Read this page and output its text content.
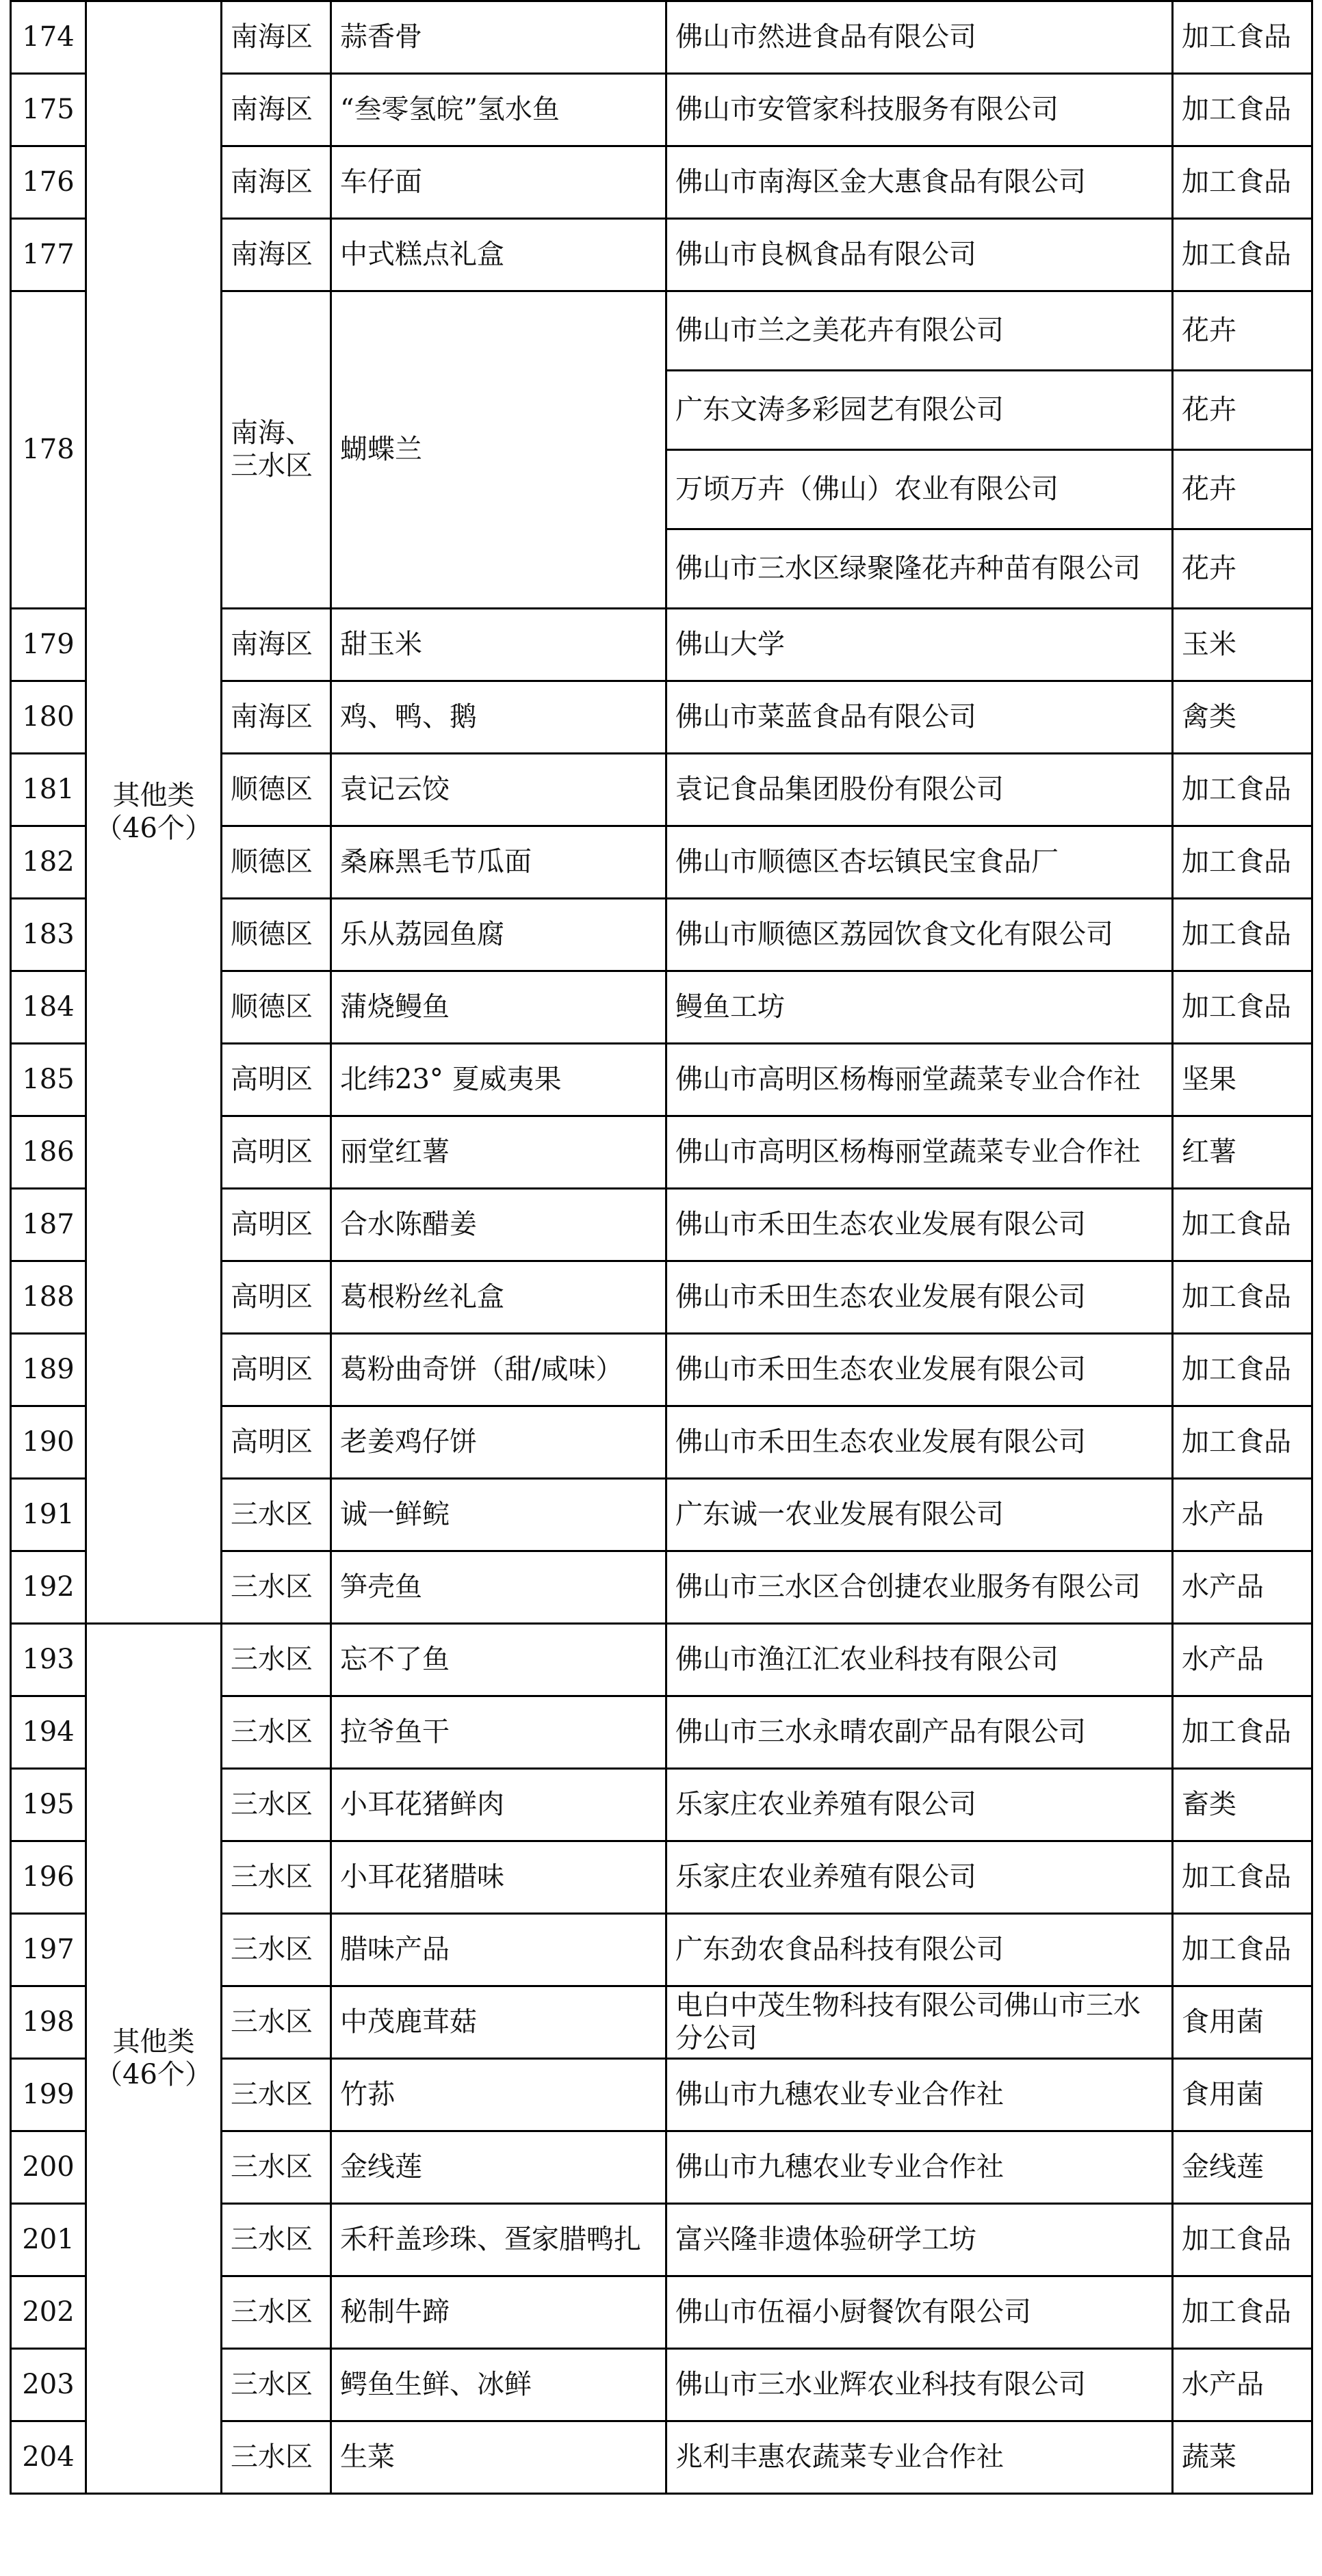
174	其他类（46个）	南海区	蒜香骨	佛山市然进食品有限公司	加工食品
175		南海区	“叁零氢皖”氢水鱼	佛山市安管家科技服务有限公司	加工食品
176		南海区	车仔面	佛山市南海区金大惠食品有限公司	加工食品
177		南海区	中式糕点礼盒	佛山市良枫食品有限公司	加工食品
178		南海、三水区	蝴蝶兰	佛山市兰之美花卉有限公司	花卉
				广东文涛多彩园艺有限公司	花卉
				万顷万卉（佛山）农业有限公司	花卉
				佛山市三水区绿聚隆花卉种苗有限公司	花卉
179		南海区	甜玉米	佛山大学	玉米
180		南海区	鸡、鸭、鹅	佛山市菜蓝食品有限公司	禽类
181		顺德区	袁记云饺	袁记食品集团股份有限公司	加工食品
182		顺德区	桑麻黑毛节瓜面	佛山市顺德区杏坛镇民宝食品厂	加工食品
183		顺德区	乐从荔园鱼腐	佛山市顺德区荔园饮食文化有限公司	加工食品
184		顺德区	蒲烧鳗鱼	鳗鱼工坊	加工食品
185		高明区	北纬23° 夏威夷果	佛山市高明区杨梅丽堂蔬菜专业合作社	坚果
186		高明区	丽堂红薯	佛山市高明区杨梅丽堂蔬菜专业合作社	红薯
187		高明区	合水陈醋姜	佛山市禾田生态农业发展有限公司	加工食品
188		高明区	葛根粉丝礼盒	佛山市禾田生态农业发展有限公司	加工食品
189		高明区	葛粉曲奇饼（甜/咸味）	佛山市禾田生态农业发展有限公司	加工食品
190		高明区	老姜鸡仔饼	佛山市禾田生态农业发展有限公司	加工食品
191		三水区	诚一鲜鲩	广东诚一农业发展有限公司	水产品
192		三水区	笋壳鱼	佛山市三水区合创捷农业服务有限公司	水产品
193	其他类（46个）	三水区	忘不了鱼	佛山市渔江汇农业科技有限公司	水产品
194		三水区	拉爷鱼干	佛山市三水永晴农副产品有限公司	加工食品
195		三水区	小耳花猪鲜肉	乐家庄农业养殖有限公司	畜类
196		三水区	小耳花猪腊味	乐家庄农业养殖有限公司	加工食品
197		三水区	腊味产品	广东劲农食品科技有限公司	加工食品
198		三水区	中茂鹿茸菇	电白中茂生物科技有限公司佛山市三水分公司	食用菌
199		三水区	竹荪	佛山市九穗农业专业合作社	食用菌
200		三水区	金线莲	佛山市九穗农业专业合作社	金线莲
201		三水区	禾秆盖珍珠、疍家腊鸭扎	富兴隆非遗体验研学工坊	加工食品
202		三水区	秘制牛蹄	佛山市伍福小厨餐饮有限公司	加工食品
203		三水区	鳄鱼生鲜、冰鲜	佛山市三水业辉农业科技有限公司	水产品
204		三水区	生菜	兆利丰惠农蔬菜专业合作社	蔬菜
